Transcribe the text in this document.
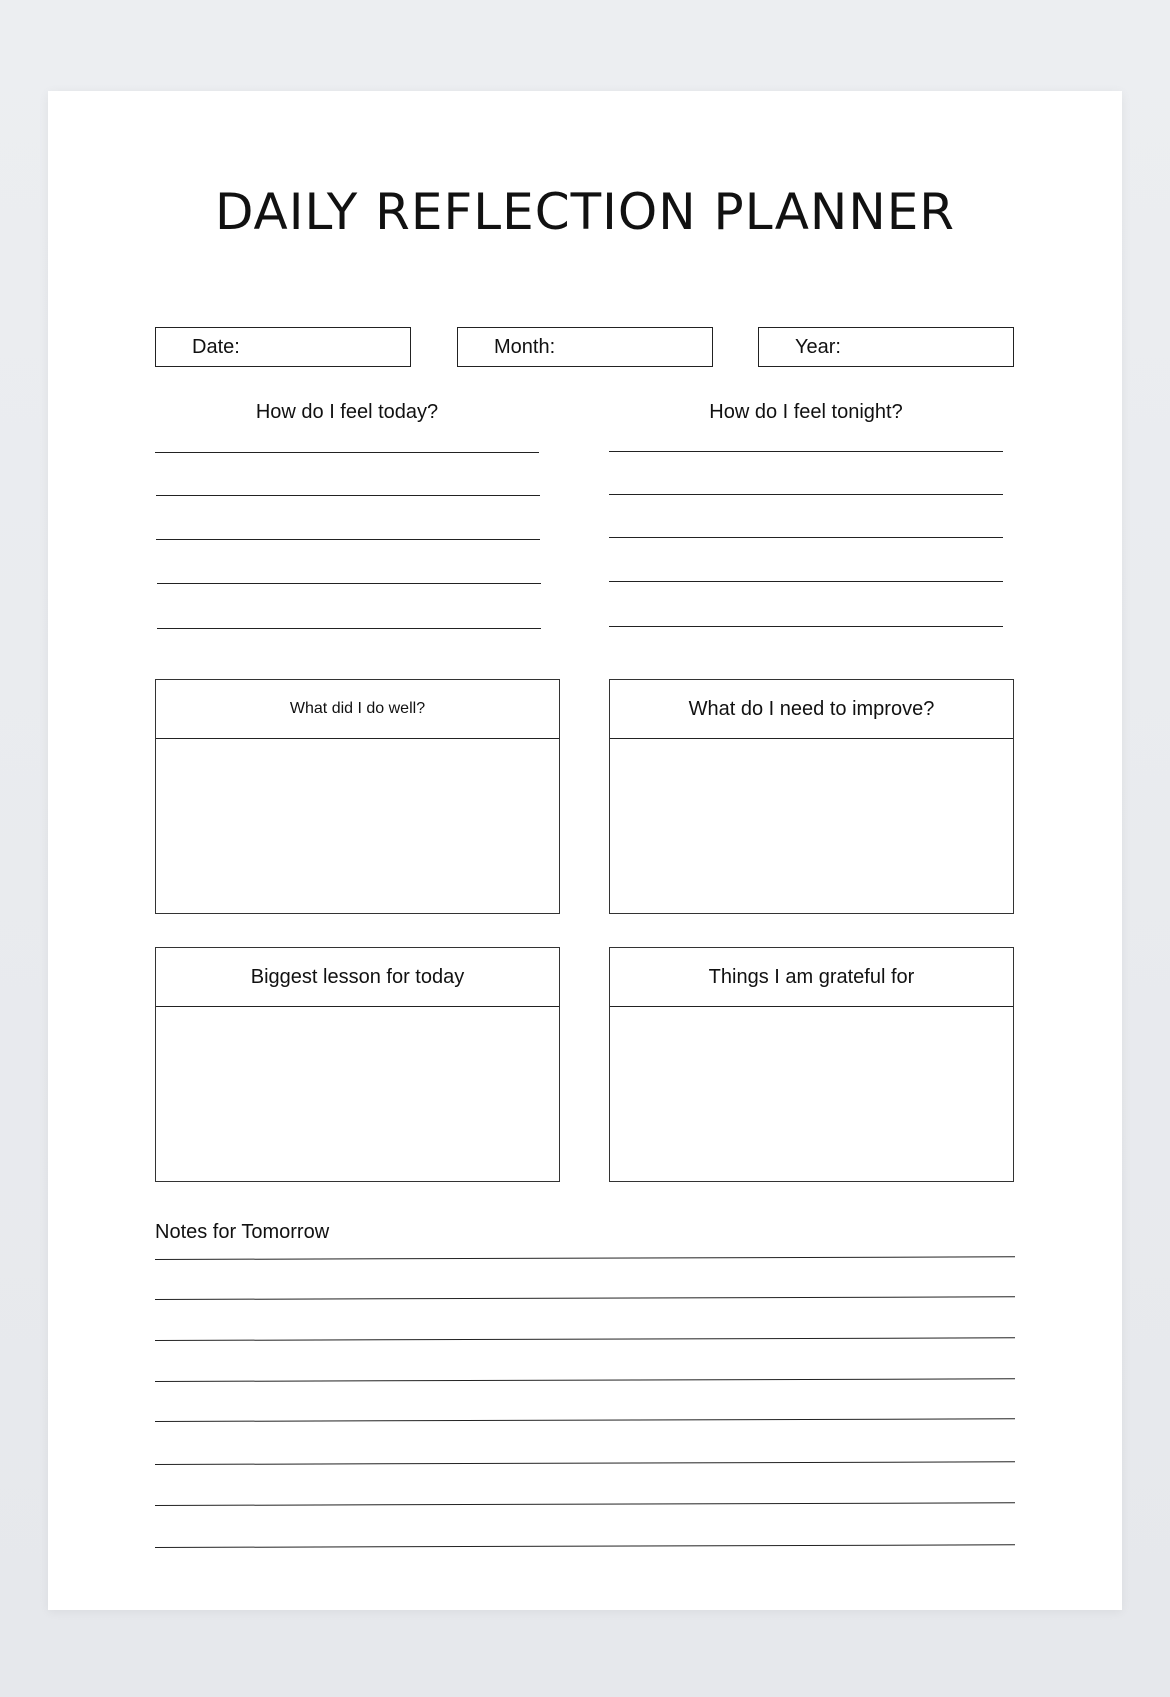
DAILY REFLECTION PLANNER
Date:	Month:	Year:
How do I feel today?	How do I feel tonight?
What did I do well?	What do I need to improve?
Biggest lesson for today	Things I am grateful for
Notes for Tomorrow
